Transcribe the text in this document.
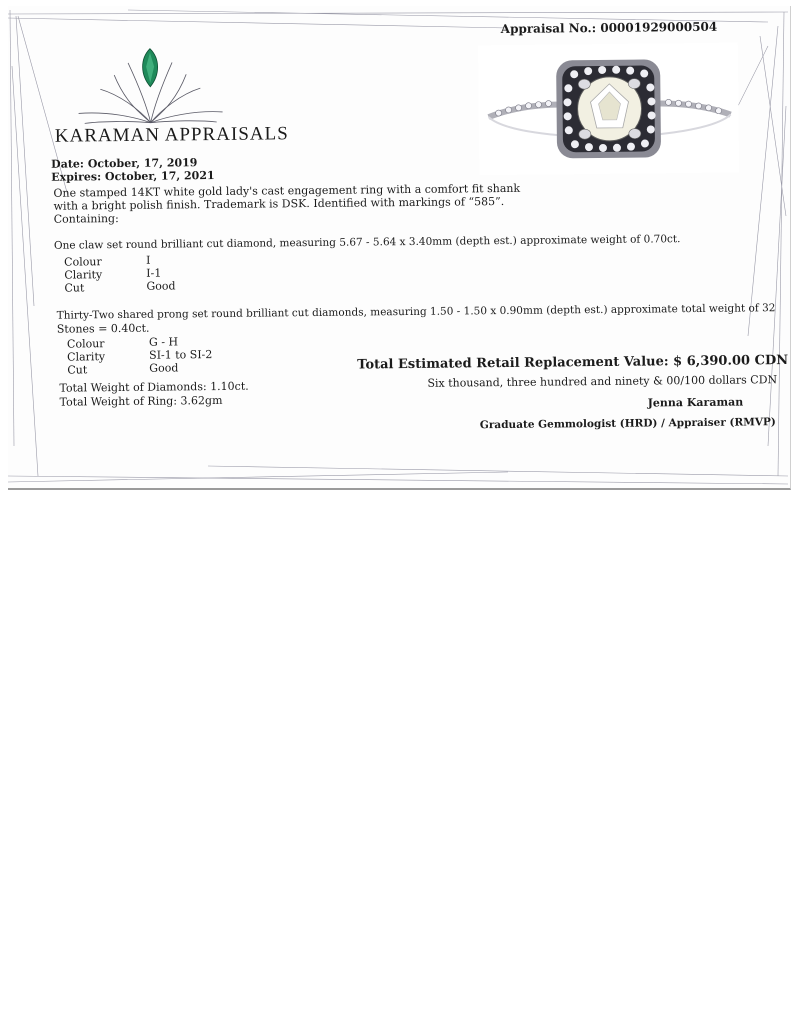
Appraisal No.: 00001929000504
KARAMAN APPRAISALS
Date: October, 17, 2019
Expires: October, 17, 2021
One stamped 14KT white gold lady's cast engagement ring with a comfort fit shank
with a bright polish finish. Trademark is DSK. Identified with markings of “585”.
Containing:
One claw set round brilliant cut diamond, measuring 5.67 - 5.64 x 3.40mm (depth est.) approximate weight of 0.70ct.
Colour	I
Clarity	I-1
Cut	Good
Thirty-Two shared prong set round brilliant cut diamonds, measuring 1.50 - 1.50 x 0.90mm (depth est.) approximate total weight of 32
Stones = 0.40ct.
Colour	G - H
Clarity	SI-1 to SI-2
Cut	Good
Total Weight of Diamonds: 1.10ct.
Total Weight of Ring: 3.62gm
Total Estimated Retail Replacement Value: $ 6,390.00 CDN
Six thousand, three hundred and ninety & 00/100 dollars CDN
Jenna Karaman
Graduate Gemmologist (HRD) / Appraiser (RMVP)
